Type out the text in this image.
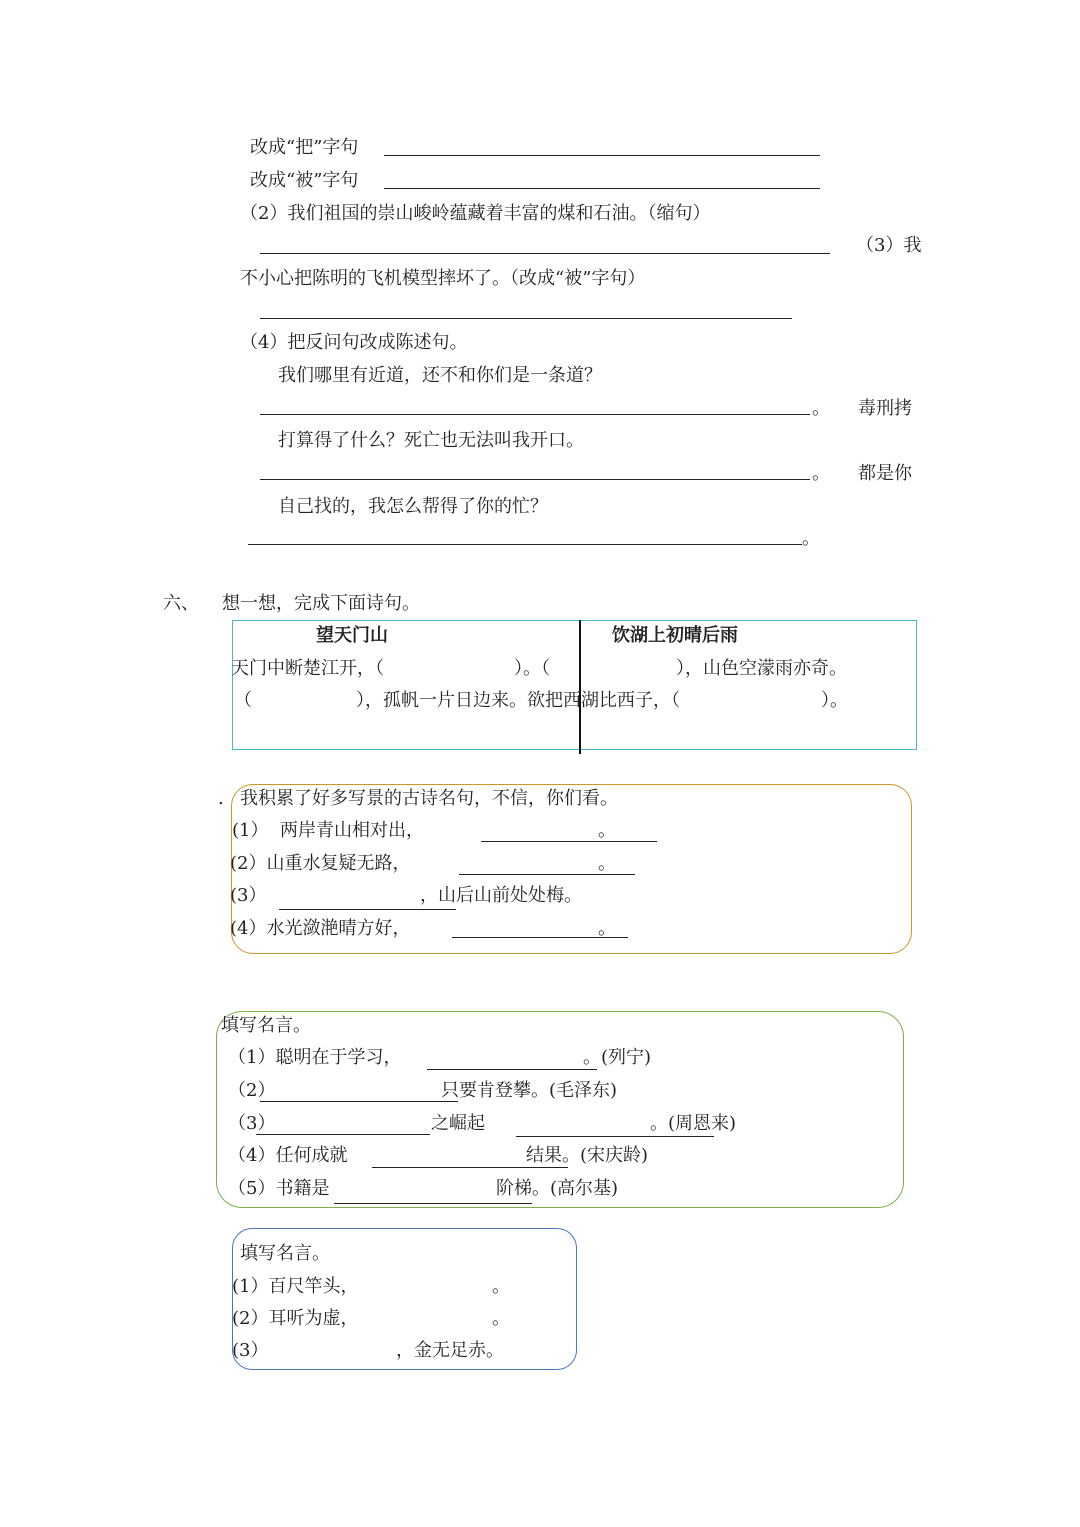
改成“把”字句
改成“被”字句
（2）我们祖国的崇山峻岭蕴藏着丰富的煤和石油。（缩句）
（3）我
不小心把陈明的飞机模型摔坏了。（改成“被”字句）
（4）把反问句改成陈述句。
我们哪里有近道，还不和你们是一条道？
。 毒刑拷
打算得了什么？死亡也无法叫我开口。
。 都是你
自己找的，我怎么帮得了你的忙？
。
六、 想一想，完成下面诗句。
望天门山	饮湖上初晴后雨
天门中断楚江开，（	）。（	），山色空濛雨亦奇。
（	），孤帆一片日边来。欲把西湖比西子，（	）。
. 我积累了好多写景的古诗名句，不信，你们看。
(1） 两岸青山相对出，	。
(2）山重水复疑无路，	。
(3）	，山后山前处处梅。
(4）水光潋滟晴方好，	。
填写名言。
（1）聪明在于学习，	。(列宁)
（2）	只要肯登攀。(毛泽东)
（3）	之崛起	。(周恩来)
（4）任何成就	结果。(宋庆龄)
（5）书籍是	阶梯。(高尔基)
填写名言。
(1）百尺竿头，	。
(2）耳听为虚，	。
(3）	，金无足赤。
